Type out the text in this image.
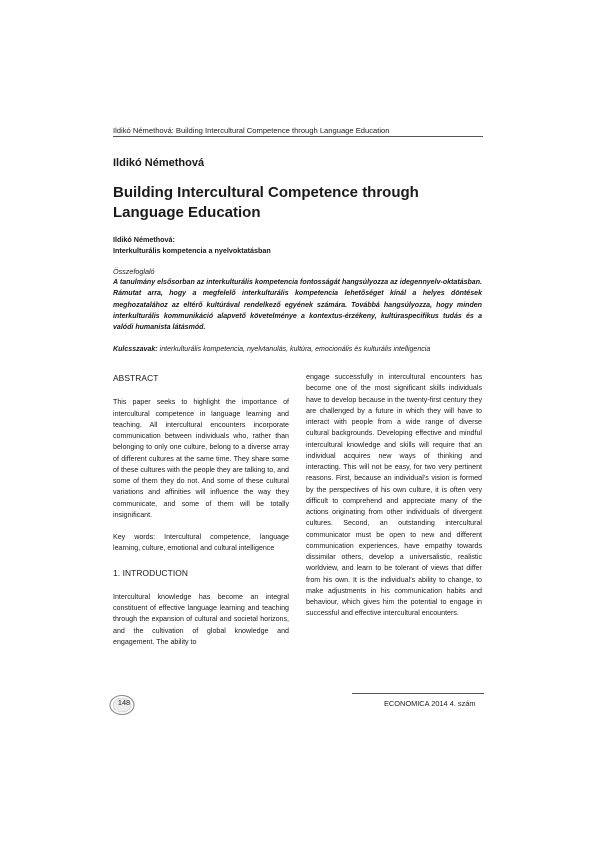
Ildikó Némethová: Building Intercultural Competence through Language Education
Ildikó Némethová
Building Intercultural Competence through
Language Education
Ildikó Némethová:
Interkulturális kompetencia a nyelvoktatásban
Összefoglaló
A tanulmány elsősorban az interkulturális kompetencia fontosságát hangsúlyozza az idegennyelv-oktatásban. Rámutat arra, hogy a megfelelő interkulturális kompetencia lehetőséget kínál a helyes döntések meghozatalához az eltérő kultúrával rendelkező egyének számára. Továbbá hangsúlyozza, hogy minden interkulturális kommunikáció alapvető követelménye a kontextus-érzékeny, kultúraspecifikus tudás és a valódi humanista látásmód.
Kulcsszavak: interkulturális kompetencia, nyelvtanulás, kultúra, emocionális és kulturális intelligencia

ABSTRACT

This paper seeks to highlight the importance of intercultural competence in language learning and teaching. All intercultural encounters incorporate communication between individuals who, rather than belonging to only one culture, belong to a diverse array of different cultures at the same time. They share some of these cultures with the people they are talking to, and some of them they do not. And some of these cultural variations and affinities will influence the way they communicate, and some of them will be totally insignificant.

Key words: Intercultural competence, language learning, culture, emotional and cultural intelligence

1. INTRODUCTION

Intercultural knowledge has become an integral constituent of effective language learning and teaching through the expansion of cultural and societal horizons, and the cultivation of global knowledge and engagement. The ability to

engage successfully in intercultural encounters has become one of the most significant skills individuals have to develop because in the twenty-first century they are challenged by a future in which they will have to interact with people from a wide range of diverse cultural backgrounds. Developing effective and mindful intercultural knowledge and skills will require that an individual acquires new ways of thinking and interacting. This will not be easy, for two very pertinent reasons. First, because an individual’s vision is formed by the perspectives of his own culture, it is often very difficult to comprehend and appreciate many of the actions originating from other individuals of divergent cultures. Second, an outstanding intercultural communicator must be open to new and different communication experiences, have empathy towards dissimilar others, develop a universalistic, realistic worldview, and learn to be tolerant of views that differ from his own. It is the individual’s ability to change, to make adjustments in his communication habits and behaviour, which gives him the potential to engage in successful and effective intercultural encounters.

148	ECONOMICA 2014 4. szám
